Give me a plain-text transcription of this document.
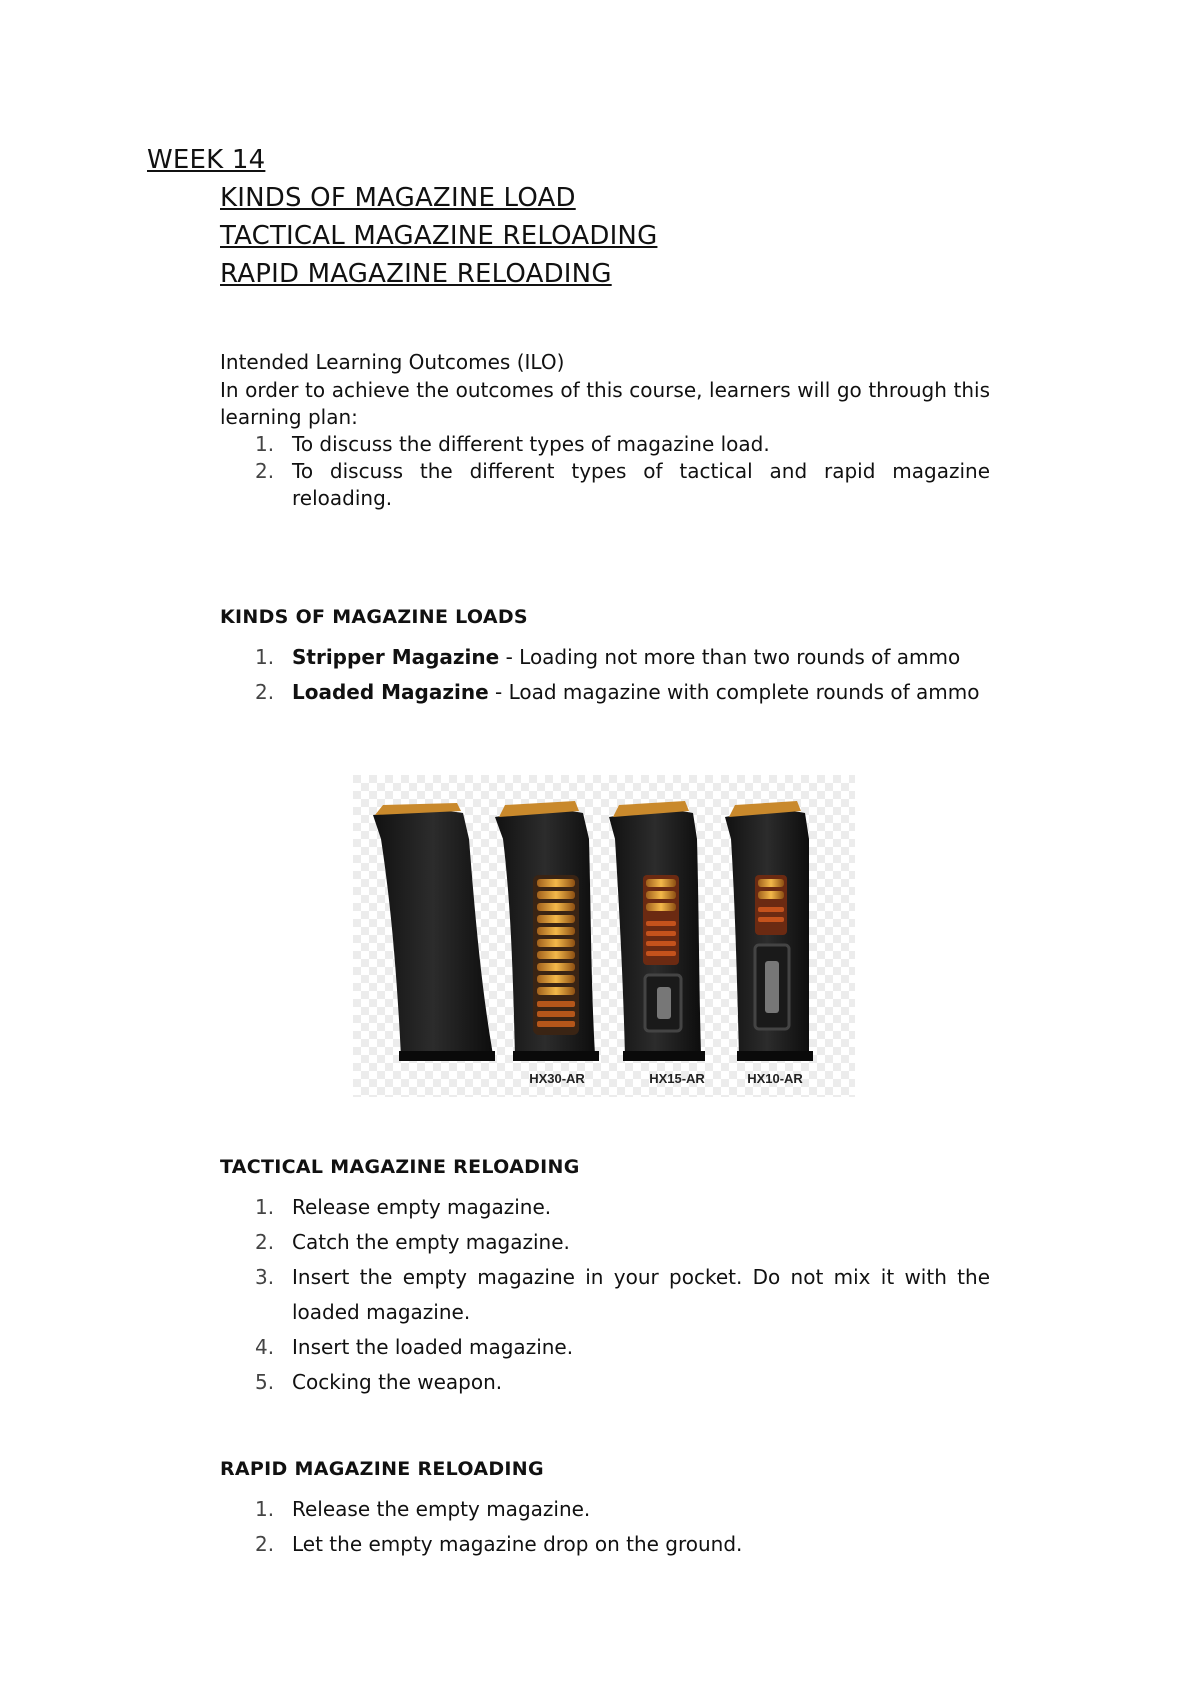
WEEK 14
KINDS OF MAGAZINE LOAD
TACTICAL MAGAZINE RELOADING
RAPID MAGAZINE RELOADING
Intended Learning Outcomes (ILO)
In order to achieve the outcomes of this course, learners will go through this learning plan:
1. To discuss the different types of magazine load.
2. To discuss the different types of tactical and rapid magazine reloading.
KINDS OF MAGAZINE LOADS
1. Stripper Magazine - Loading not more than two rounds of ammo
2. Loaded Magazine - Load magazine with complete rounds of ammo
HX30-AR	HX15-AR	HX10-AR
TACTICAL MAGAZINE RELOADING
1. Release empty magazine.
2. Catch the empty magazine.
3. Insert the empty magazine in your pocket. Do not mix it with the loaded magazine.
4. Insert the loaded magazine.
5. Cocking the weapon.
RAPID MAGAZINE RELOADING
1. Release the empty magazine.
2. Let the empty magazine drop on the ground.
